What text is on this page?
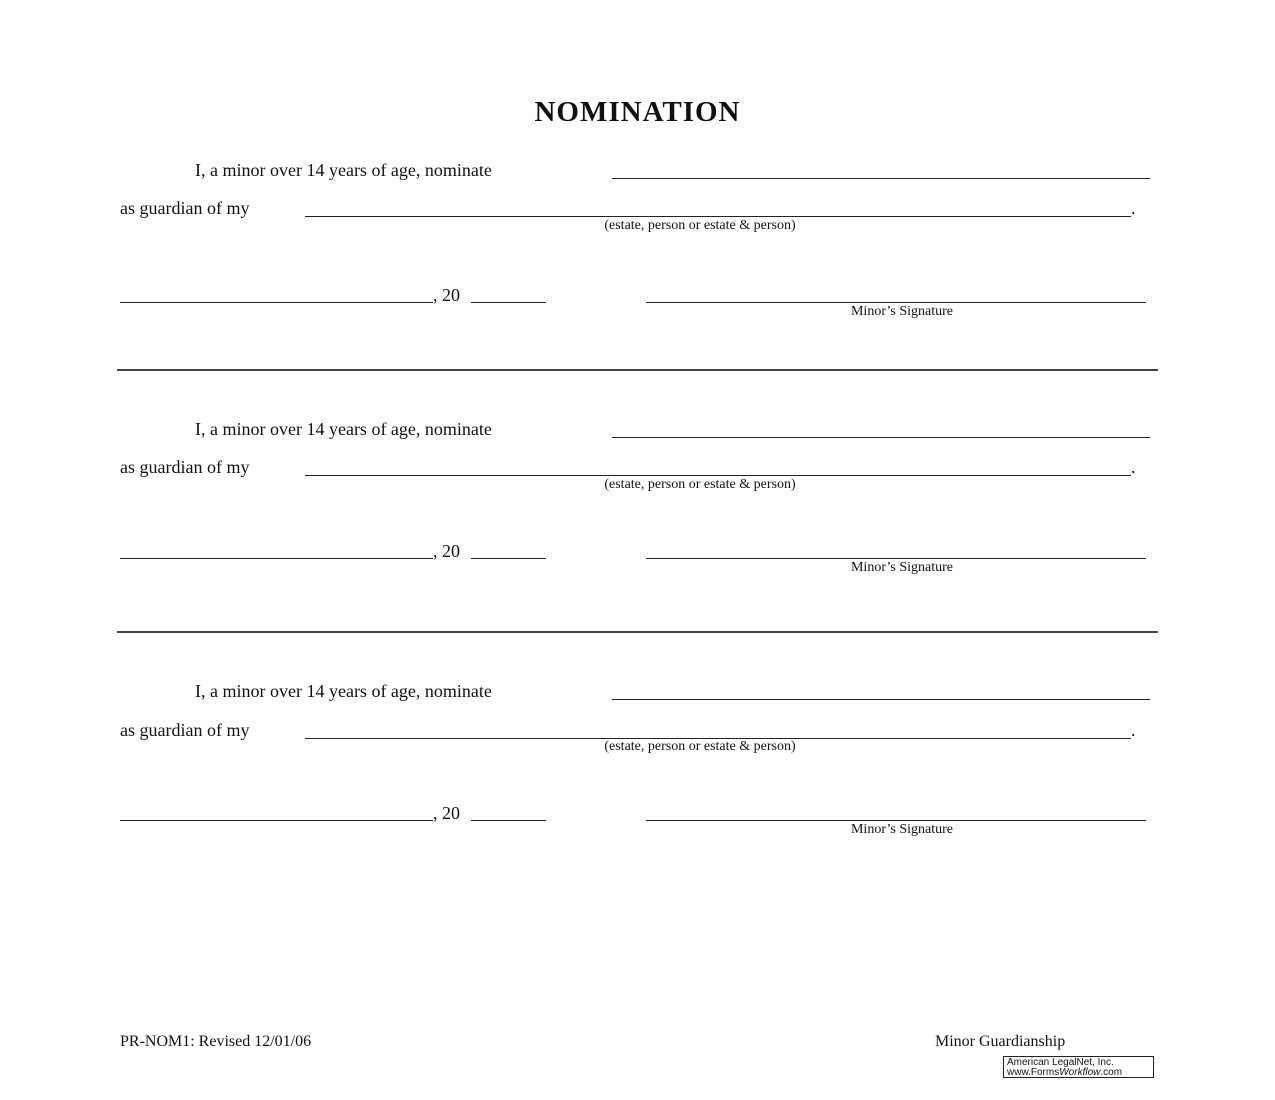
NOMINATION
I, a minor over 14 years of age, nominate
as guardian of my	.
(estate, person or estate & person)
, 20
Minor’s Signature
I, a minor over 14 years of age, nominate
as guardian of my	.
(estate, person or estate & person)
, 20
Minor’s Signature
I, a minor over 14 years of age, nominate
as guardian of my	.
(estate, person or estate & person)
, 20
Minor’s Signature
PR-NOM1: Revised 12/01/06	Minor Guardianship
American LegalNet, Inc.
www.FormsWorkflow.com
